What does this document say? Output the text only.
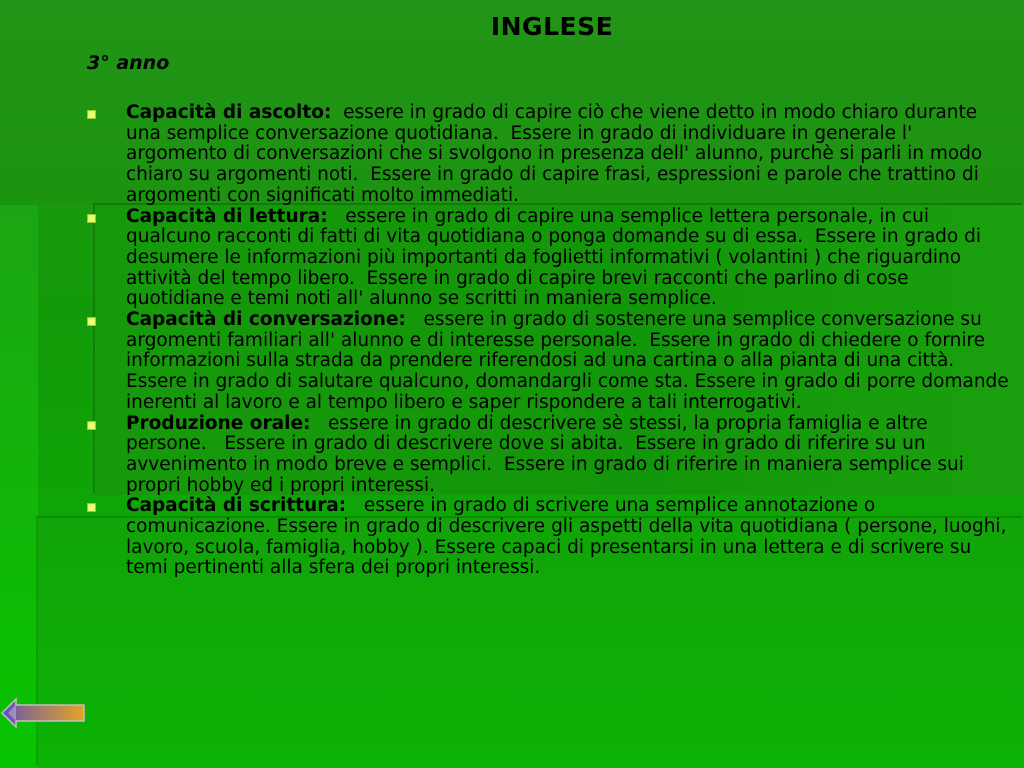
INGLESE
3° anno
Capacità di ascolto:  essere in grado di capire ciò che viene detto in modo chiaro durante una semplice conversazione quotidiana.  Essere in grado di individuare in generale l' argomento di conversazioni che si svolgono in presenza dell' alunno, purchè si parli in modo chiaro su argomenti noti.  Essere in grado di capire frasi, espressioni e parole che trattino di argomenti con significati molto immediati.
Capacità di lettura:   essere in grado di capire una semplice lettera personale, in cui qualcuno racconti di fatti di vita quotidiana o ponga domande su di essa.  Essere in grado di desumere le informazioni più importanti da foglietti informativi ( volantini ) che riguardino attività del tempo libero.  Essere in grado di capire brevi racconti che parlino di cose quotidiane e temi noti all' alunno se scritti in maniera semplice.
Capacità di conversazione:   essere in grado di sostenere una semplice conversazione su argomenti familiari all' alunno e di interesse personale.  Essere in grado di chiedere o fornire informazioni sulla strada da prendere riferendosi ad una cartina o alla pianta di una città. Essere in grado di salutare qualcuno, domandargli come sta. Essere in grado di porre domande inerenti al lavoro e al tempo libero e saper rispondere a tali interrogativi.
Produzione orale:   essere in grado di descrivere sè stessi, la propria famiglia e altre persone.   Essere in grado di descrivere dove si abita.  Essere in grado di riferire su un avvenimento in modo breve e semplici.  Essere in grado di riferire in maniera semplice sui propri hobby ed i propri interessi.
Capacità di scrittura:   essere in grado di scrivere una semplice annotazione o comunicazione. Essere in grado di descrivere gli aspetti della vita quotidiana ( persone, luoghi, lavoro, scuola, famiglia, hobby ). Essere capaci di presentarsi in una lettera e di scrivere su temi pertinenti alla sfera dei propri interessi.
